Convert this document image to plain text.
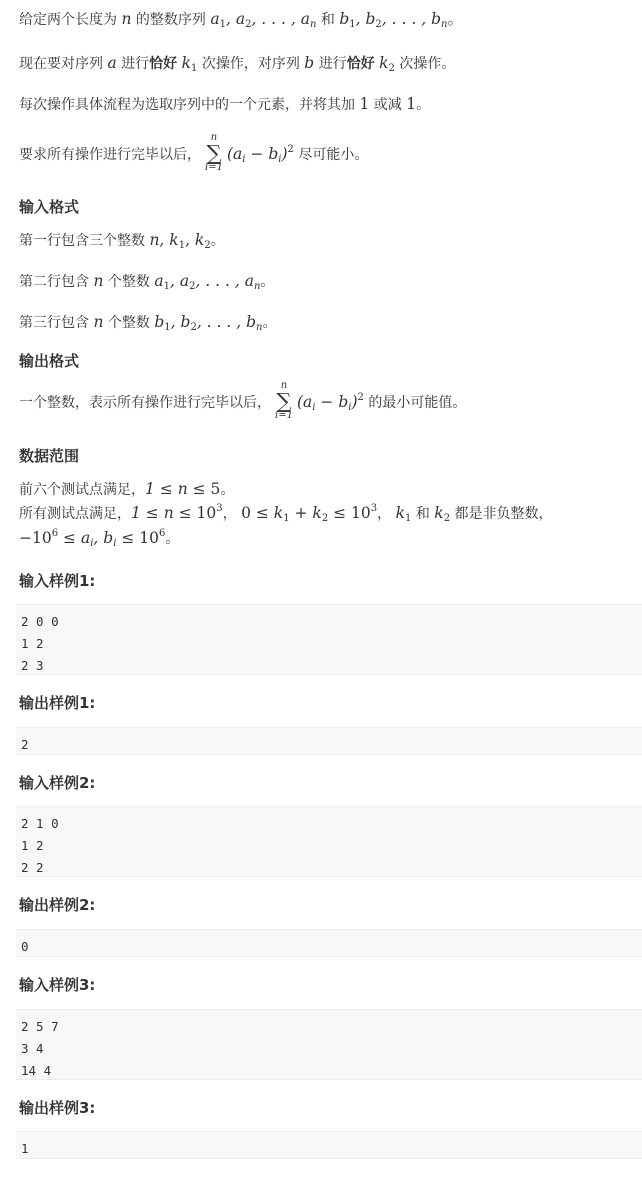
给定两个长度为 n 的整数序列 $a_1$, $a_2$, . . . , $a_n$ 和 $b_1$, $b_2$, . . . , $b_n$。
现在要对序列 a 进行恰好 $k_1$ 次操作，对序列 b 进行恰好 $k_2$ 次操作。
每次操作具体流程为选取序列中的一个元素，并将其加 1 或减 1。
要求所有操作进行完毕以后，
n
∑
i=1
$(a_i - b_i)^2$ 尽可能小。
输入格式
第一行包含三个整数 n, $k_1$, $k_2$。
第二行包含 n 个整数 $a_1$, $a_2$, . . . , $a_n$。
第三行包含 n 个整数 $b_1$, $b_2$, . . . , $b_n$。
输出格式
一个整数，表示所有操作进行完毕以后，
n
∑
i=1
$(a_i - b_i)^2$ 的最小可能值。
数据范围
前六个测试点满足，1 ≤ n ≤ 5。
所有测试点满足，$1 \le n \le 10^3$， $0 \le k_1 + k_2 \le 10^3$， $k_1$ 和 $k_2$ 都是非负整数，
$-10^6 \le a_i$, $b_i \le 10^6$。
输入样例1:
2 0 0
1 2
2 3
输出样例1:
2
输入样例2:
2 1 0
1 2
2 2
输出样例2:
0
输入样例3:
2 5 7
3 4
14 4
输出样例3:
1
